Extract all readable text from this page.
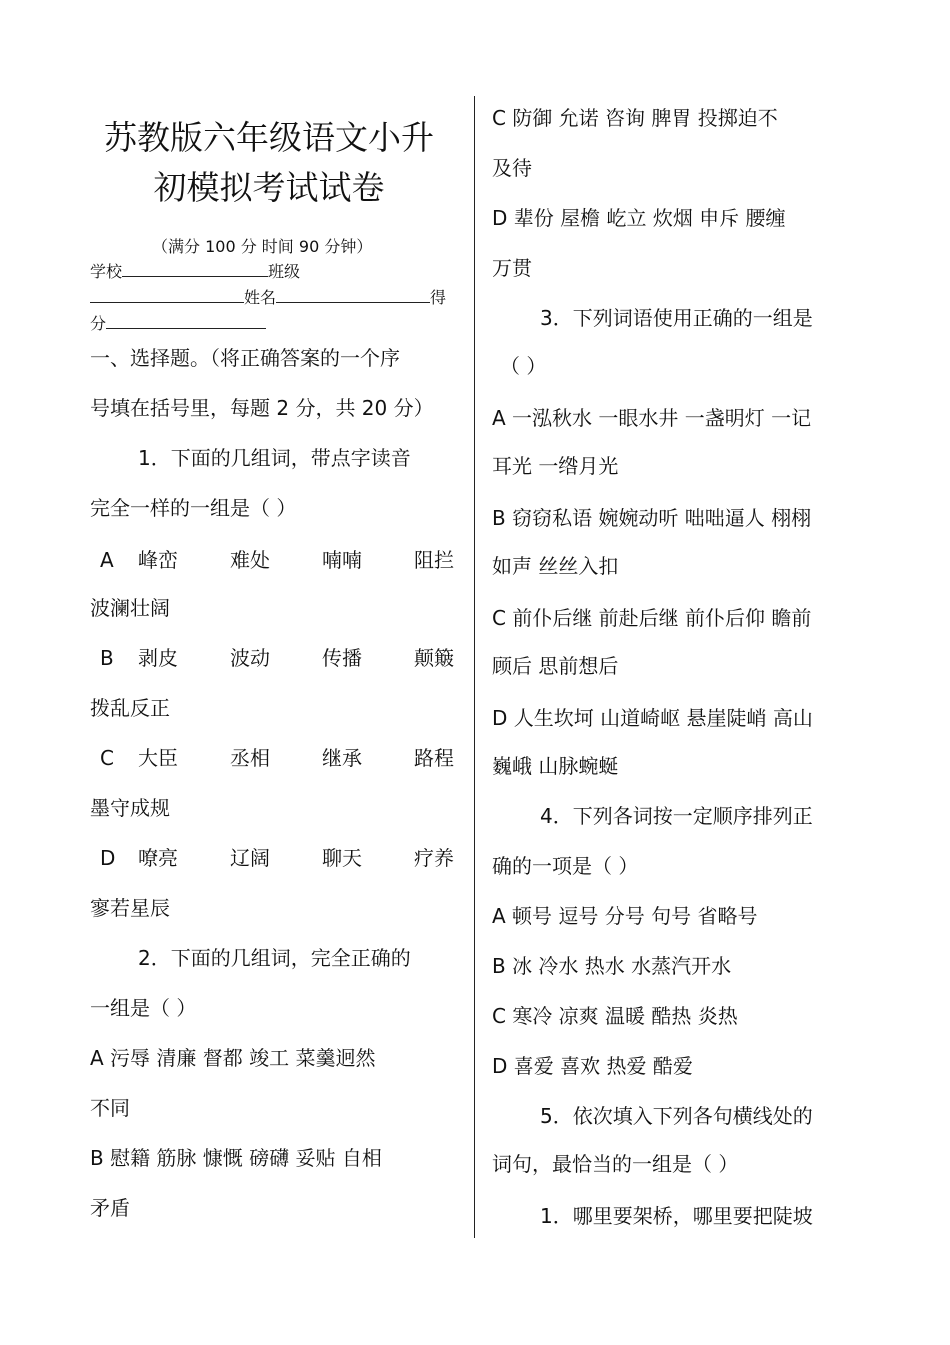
苏教版六年级语文小升
初模拟考试试卷
（满分 100 分 时间 90 分钟）
学校	班级
姓名	得
分
一、选择题。（将正确答案的一个序
号填在括号里，每题 2 分，共 20 分）
1．下面的几组词，带点字读音
完全一样的一组是（ ）
A 峰峦	难处	喃喃	阻拦
波澜壮阔
B 剥皮	波动	传播	颠簸
拨乱反正
C 大臣	丞相	继承	路程
墨守成规
D 嘹亮	辽阔	聊天	疗养
寥若星辰
2．下面的几组词，完全正确的
一组是（ ）
A 污辱 清廉 督都 竣工 菜羹迥然
不同
B 慰籍 筋脉 慷慨 磅礴 妥贴 自相
矛盾
C 防御 允诺 咨询 脾胃 投掷迫不
及待
D 辈份 屋檐 屹立 炊烟 申斥 腰缠
万贯
3．下列词语使用正确的一组是
（ ）
A 一泓秋水 一眼水井 一盏明灯 一记
耳光 一绺月光
B 窃窃私语 婉婉动听 咄咄逼人 栩栩
如声 丝丝入扣
C 前仆后继 前赴后继 前仆后仰 瞻前
顾后 思前想后
D 人生坎坷 山道崎岖 悬崖陡峭 高山
巍峨 山脉蜿蜒
4．下列各词按一定顺序排列正
确的一项是（ ）
A 顿号 逗号 分号 句号 省略号
B 冰 冷水 热水 水蒸汽开水
C 寒冷 凉爽 温暖 酷热 炎热
D 喜爱 喜欢 热爱 酷爱
5．依次填入下列各句横线处的
词句，最恰当的一组是（ ）
1．哪里要架桥，哪里要把陡坡
